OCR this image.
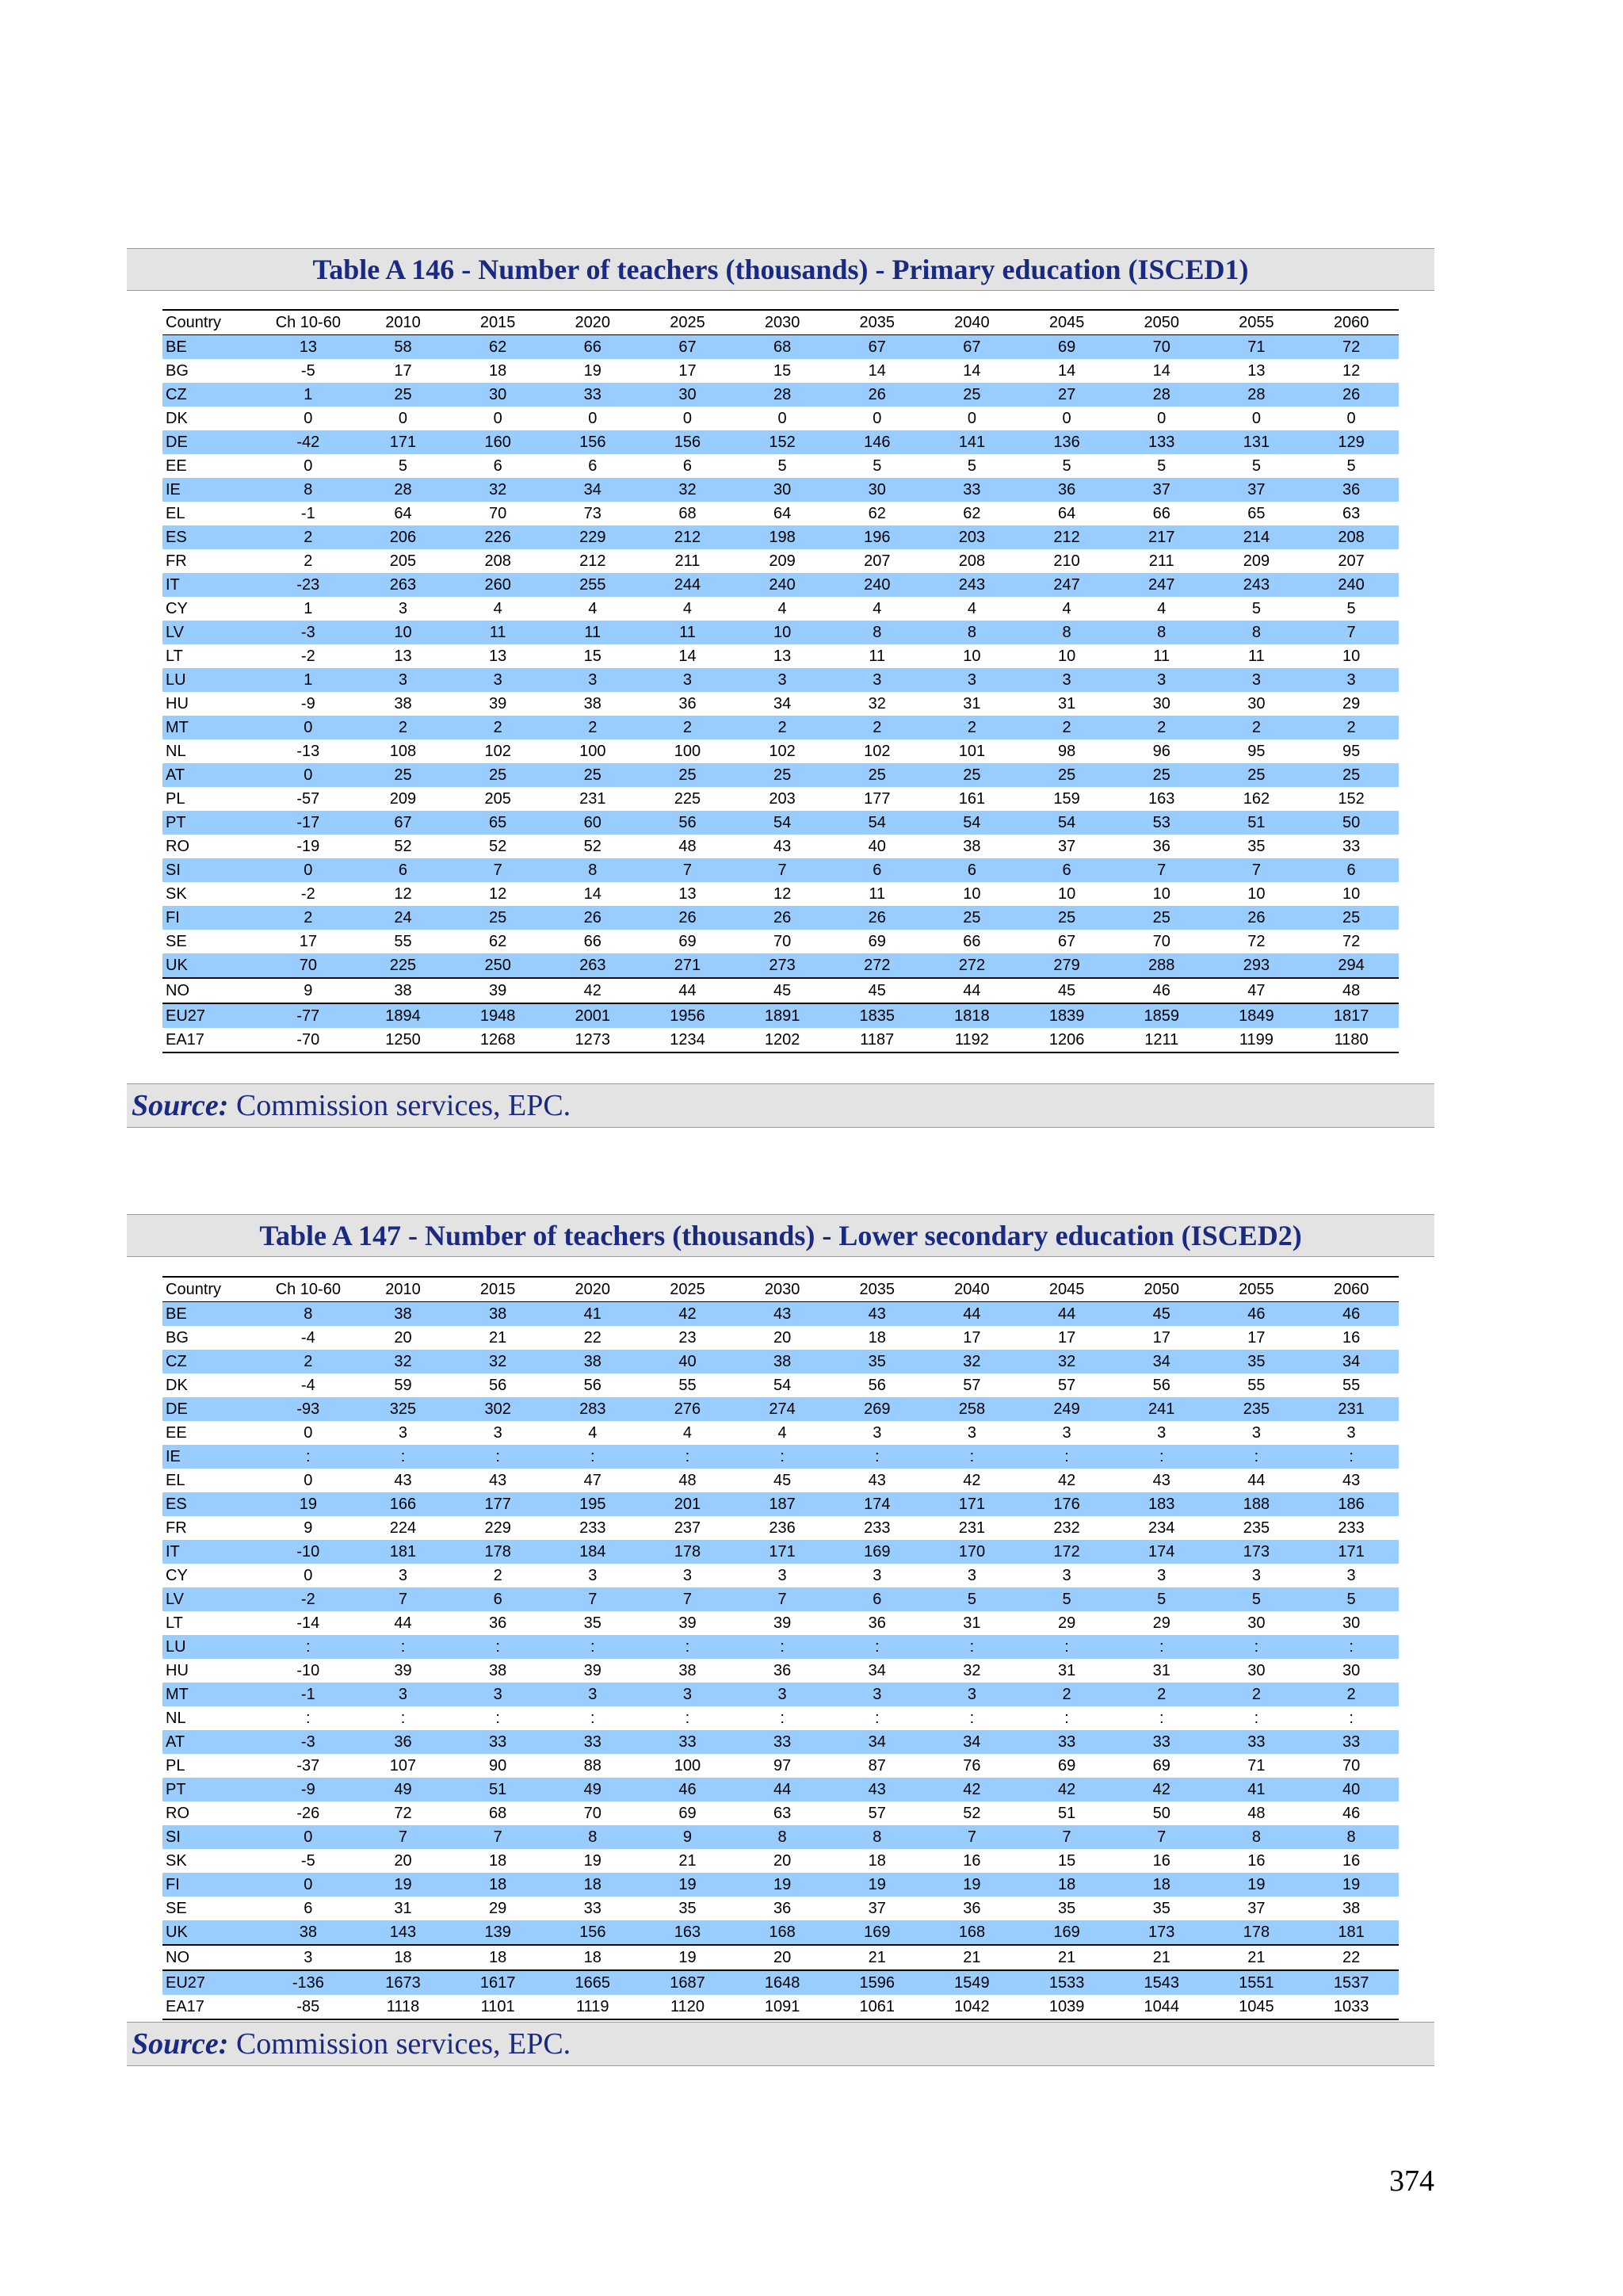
Table A 146 - Number of teachers (thousands) - Primary education (ISCED1)
Country	Ch 10-60	2010	2015	2020	2025	2030	2035	2040	2045	2050	2055	2060
BE	13	58	62	66	67	68	67	67	69	70	71	72
BG	-5	17	18	19	17	15	14	14	14	14	13	12
CZ	1	25	30	33	30	28	26	25	27	28	28	26
DK	0	0	0	0	0	0	0	0	0	0	0	0
DE	-42	171	160	156	156	152	146	141	136	133	131	129
EE	0	5	6	6	6	5	5	5	5	5	5	5
IE	8	28	32	34	32	30	30	33	36	37	37	36
EL	-1	64	70	73	68	64	62	62	64	66	65	63
ES	2	206	226	229	212	198	196	203	212	217	214	208
FR	2	205	208	212	211	209	207	208	210	211	209	207
IT	-23	263	260	255	244	240	240	243	247	247	243	240
CY	1	3	4	4	4	4	4	4	4	4	5	5
LV	-3	10	11	11	11	10	8	8	8	8	8	7
LT	-2	13	13	15	14	13	11	10	10	11	11	10
LU	1	3	3	3	3	3	3	3	3	3	3	3
HU	-9	38	39	38	36	34	32	31	31	30	30	29
MT	0	2	2	2	2	2	2	2	2	2	2	2
NL	-13	108	102	100	100	102	102	101	98	96	95	95
AT	0	25	25	25	25	25	25	25	25	25	25	25
PL	-57	209	205	231	225	203	177	161	159	163	162	152
PT	-17	67	65	60	56	54	54	54	54	53	51	50
RO	-19	52	52	52	48	43	40	38	37	36	35	33
SI	0	6	7	8	7	7	6	6	6	7	7	6
SK	-2	12	12	14	13	12	11	10	10	10	10	10
FI	2	24	25	26	26	26	26	25	25	25	26	25
SE	17	55	62	66	69	70	69	66	67	70	72	72
UK	70	225	250	263	271	273	272	272	279	288	293	294
NO	9	38	39	42	44	45	45	44	45	46	47	48
EU27	-77	1894	1948	2001	1956	1891	1835	1818	1839	1859	1849	1817
EA17	-70	1250	1268	1273	1234	1202	1187	1192	1206	1211	1199	1180
Source: Commission services, EPC.
Table A 147 - Number of teachers (thousands) - Lower secondary education (ISCED2)
Country	Ch 10-60	2010	2015	2020	2025	2030	2035	2040	2045	2050	2055	2060
BE	8	38	38	41	42	43	43	44	44	45	46	46
BG	-4	20	21	22	23	20	18	17	17	17	17	16
CZ	2	32	32	38	40	38	35	32	32	34	35	34
DK	-4	59	56	56	55	54	56	57	57	56	55	55
DE	-93	325	302	283	276	274	269	258	249	241	235	231
EE	0	3	3	4	4	4	3	3	3	3	3	3
IE	:	:	:	:	:	:	:	:	:	:	:	:
EL	0	43	43	47	48	45	43	42	42	43	44	43
ES	19	166	177	195	201	187	174	171	176	183	188	186
FR	9	224	229	233	237	236	233	231	232	234	235	233
IT	-10	181	178	184	178	171	169	170	172	174	173	171
CY	0	3	2	3	3	3	3	3	3	3	3	3
LV	-2	7	6	7	7	7	6	5	5	5	5	5
LT	-14	44	36	35	39	39	36	31	29	29	30	30
LU	:	:	:	:	:	:	:	:	:	:	:	:
HU	-10	39	38	39	38	36	34	32	31	31	30	30
MT	-1	3	3	3	3	3	3	3	2	2	2	2
NL	:	:	:	:	:	:	:	:	:	:	:	:
AT	-3	36	33	33	33	33	34	34	33	33	33	33
PL	-37	107	90	88	100	97	87	76	69	69	71	70
PT	-9	49	51	49	46	44	43	42	42	42	41	40
RO	-26	72	68	70	69	63	57	52	51	50	48	46
SI	0	7	7	8	9	8	8	7	7	7	8	8
SK	-5	20	18	19	21	20	18	16	15	16	16	16
FI	0	19	18	18	19	19	19	19	18	18	19	19
SE	6	31	29	33	35	36	37	36	35	35	37	38
UK	38	143	139	156	163	168	169	168	169	173	178	181
NO	3	18	18	18	19	20	21	21	21	21	21	22
EU27	-136	1673	1617	1665	1687	1648	1596	1549	1533	1543	1551	1537
EA17	-85	1118	1101	1119	1120	1091	1061	1042	1039	1044	1045	1033
Source: Commission services, EPC.
374
